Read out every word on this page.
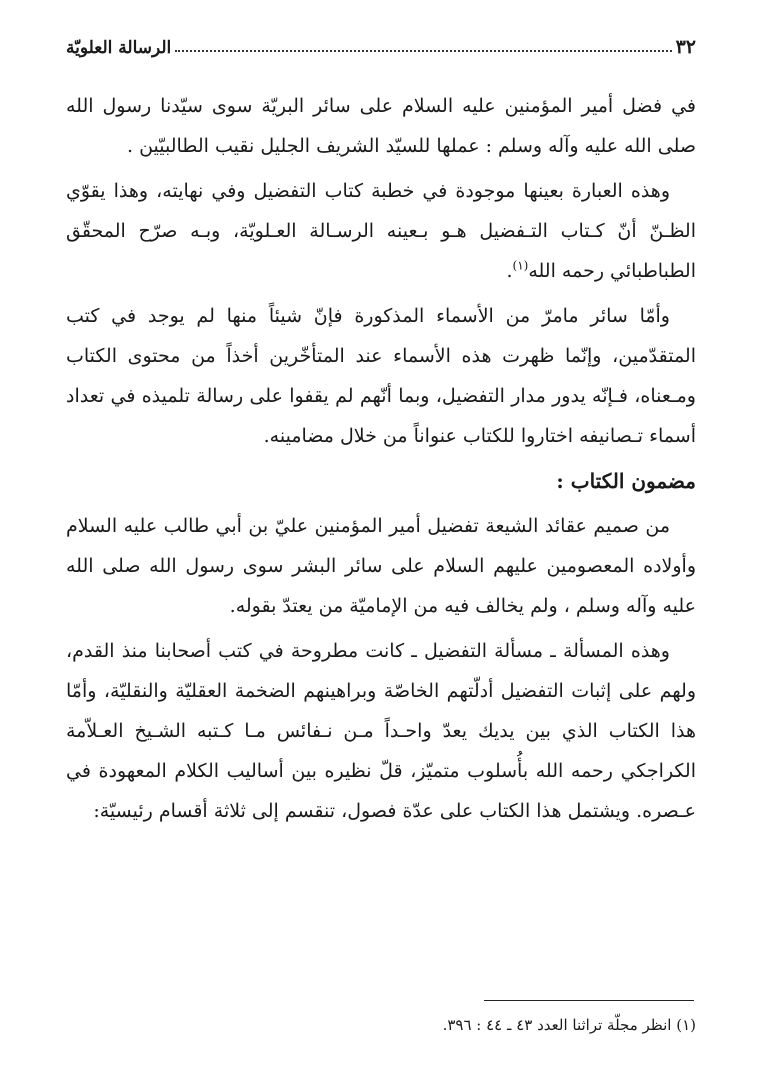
٣٢
الرسالة العلويّة

في فضل أمير المؤمنين عليه السلام على سائر البريّة سوى سيّدنا رسول الله صلى الله عليه وآله وسلم : عملها للسيّد الشريف الجليل نقيب الطالبيّين .

وهذه العبارة بعينها موجودة في خطبة كتاب التفضيل وفي نهايته، وهذا يقوّي الظـنّ أنّ كـتاب التـفضيل هـو بـعينه الرسـالة العـلويّة، وبـه صرّح المحقّق الطباطبائي رحمه الله$^{(١)}$.

وأمّا سائر مامرّ من الأسماء المذكورة فإنّ شيئاً منها لم يوجد في كتب المتقدّمين، وإنّما ظهرت هذه الأسماء عند المتأخّرين أخذاً من محتوى الكتاب ومـعناه، فـإنّه يدور مدار التفضيل، وبما أنّهم لم يقفوا على رسالة تلميذه في تعداد أسماء تـصانيفه اختاروا للكتاب عنواناً من خلال مضامينه.

مضمون الكتاب :

من صميم عقائد الشيعة تفضيل أمير المؤمنين عليّ بن أبي طالب عليه السلام وأولاده المعصومين عليهم السلام على سائر البشر سوى رسول الله صلى الله عليه وآله وسلم ، ولم يخالف فيه من الإماميّة من يعتدّ بقوله.

وهذه المسألة ـ مسألة التفضيل ـ كانت مطروحة في كتب أصحابنا منذ القدم، ولهم على إثبات التفضيل أدلّتهم الخاصّة وبراهينهم الضخمة العقليّة والنقليّة، وأمّا هذا الكتاب الذي بين يديك يعدّ واحـداً مـن نـفائس مـا كـتبه الشـيخ العـلاّمة الكراجكي رحمه الله بأُسلوب متميّز، قلّ نظيره بين أساليب الكلام المعهودة في عـصره. ويشتمل هذا الكتاب على عدّة فصول، تنقسم إلى ثلاثة أقسام رئيسيّة:

(١) انظر مجلّة تراثنا العدد ٤٣ ـ ٤٤ : ٣٩٦.
